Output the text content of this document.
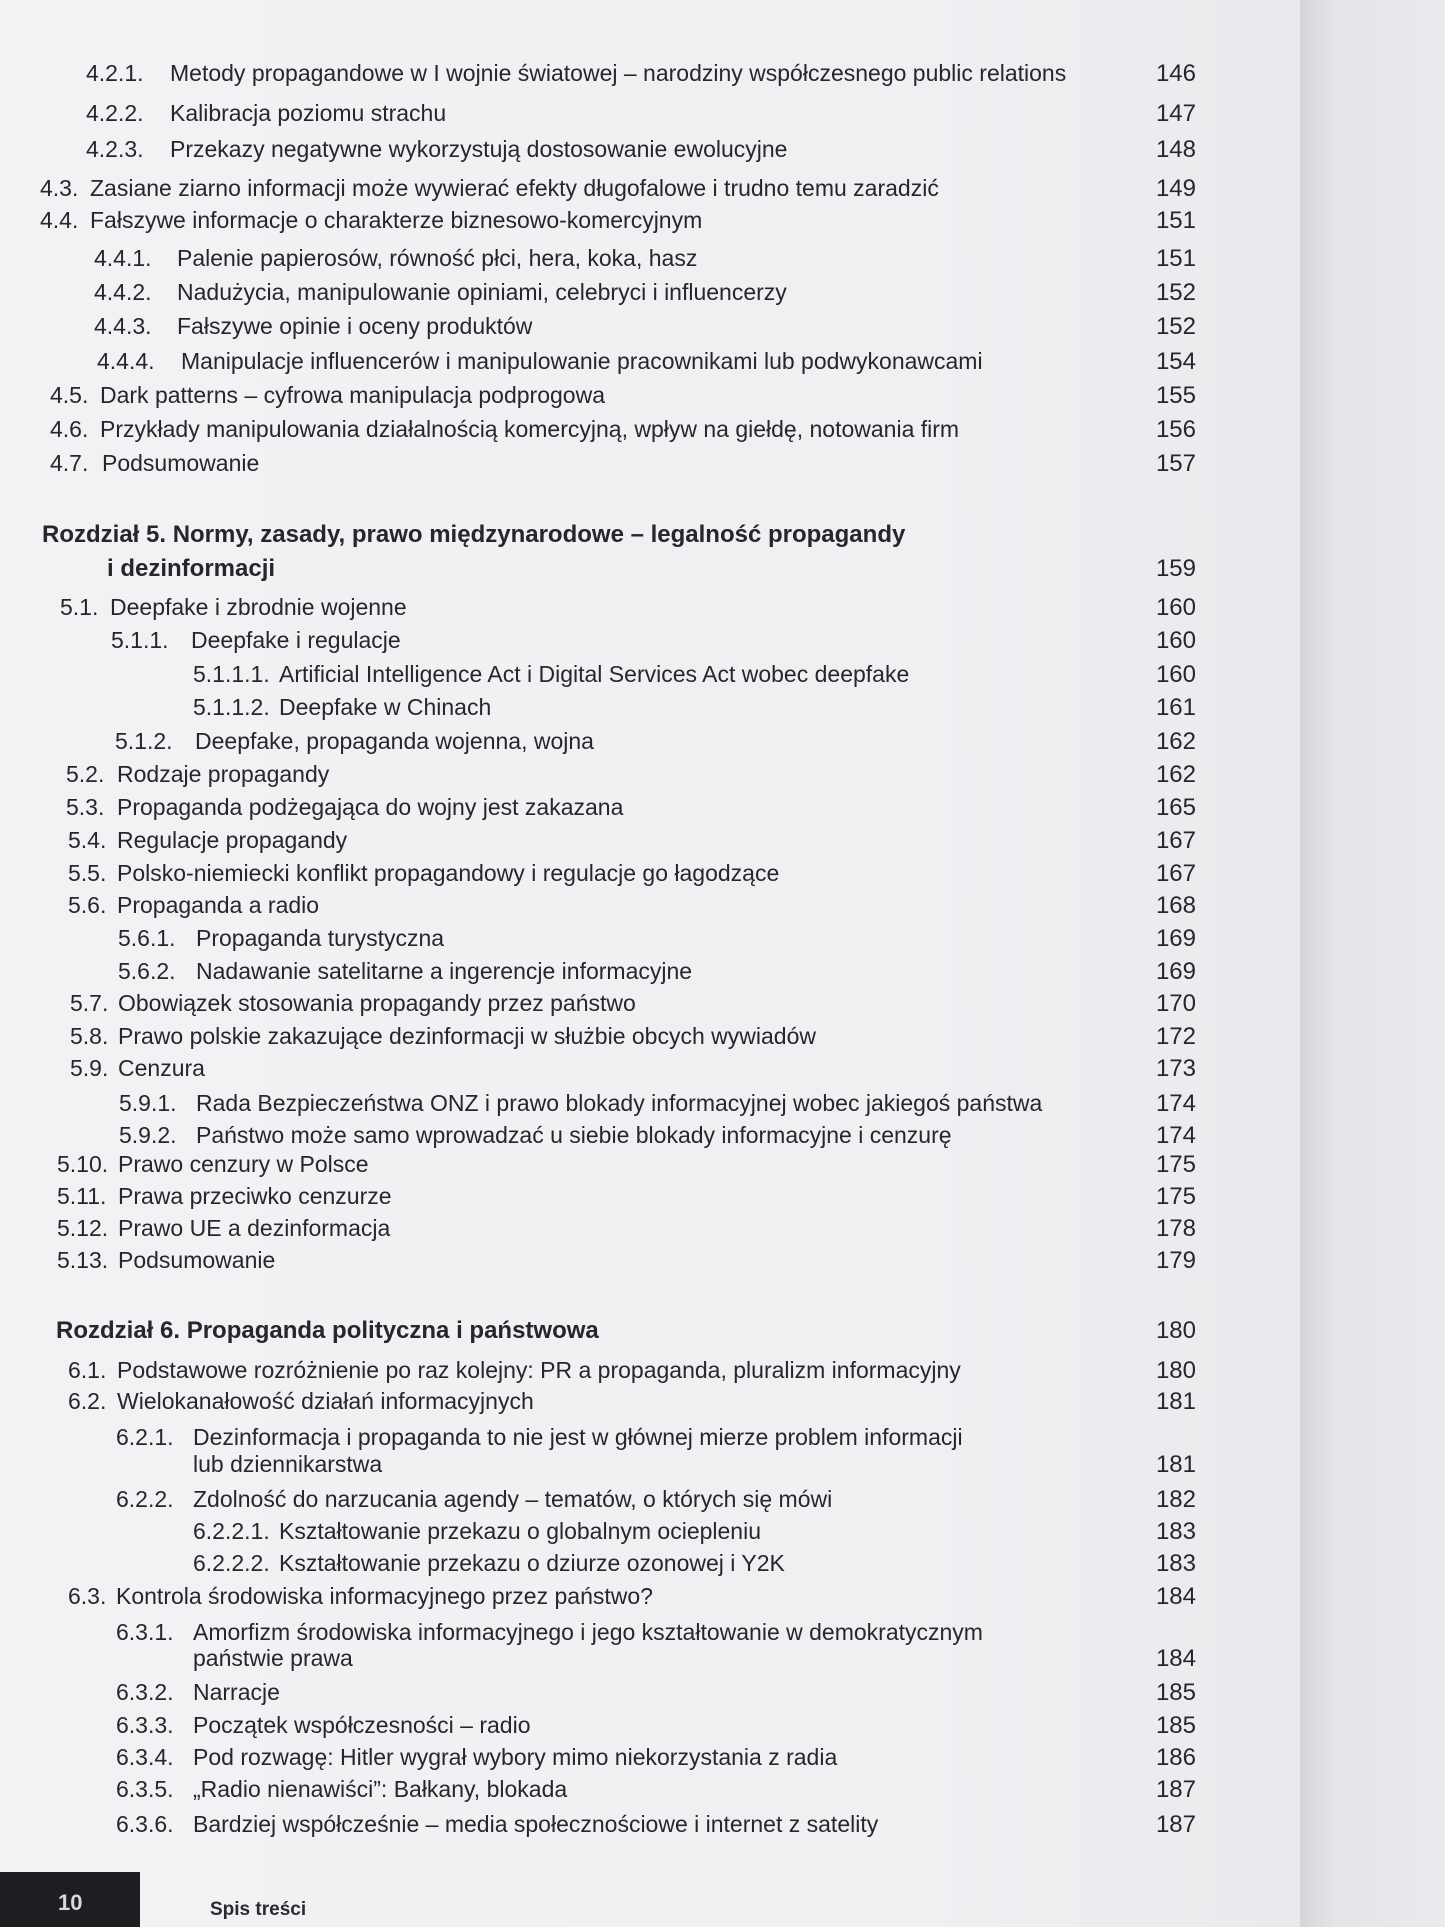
4.2.1. Metody propagandowe w I wojnie światowej – narodziny współczesnego public relations	146
4.2.2. Kalibracja poziomu strachu	147
4.2.3. Przekazy negatywne wykorzystują dostosowanie ewolucyjne	148
4.3. Zasiane ziarno informacji może wywierać efekty długofalowe i trudno temu zaradzić	149
4.4. Fałszywe informacje o charakterze biznesowo-komercyjnym	151
4.4.1. Palenie papierosów, równość płci, hera, koka, hasz	151
4.4.2. Nadużycia, manipulowanie opiniami, celebryci i influencerzy	152
4.4.3. Fałszywe opinie i oceny produktów	152
4.4.4. Manipulacje influencerów i manipulowanie pracownikami lub podwykonawcami	154
4.5. Dark patterns – cyfrowa manipulacja podprogowa	155
4.6. Przykłady manipulowania działalnością komercyjną, wpływ na giełdę, notowania firm	156
4.7. Podsumowanie	157
Rozdział 5. Normy, zasady, prawo międzynarodowe – legalność propagandy
i dezinformacji	159
5.1. Deepfake i zbrodnie wojenne	160
5.1.1. Deepfake i regulacje	160
5.1.1.1. Artificial Intelligence Act i Digital Services Act wobec deepfake	160
5.1.1.2. Deepfake w Chinach	161
5.1.2. Deepfake, propaganda wojenna, wojna	162
5.2. Rodzaje propagandy	162
5.3. Propaganda podżegająca do wojny jest zakazana	165
5.4. Regulacje propagandy	167
5.5. Polsko-niemiecki konflikt propagandowy i regulacje go łagodzące	167
5.6. Propaganda a radio	168
5.6.1. Propaganda turystyczna	169
5.6.2. Nadawanie satelitarne a ingerencje informacyjne	169
5.7. Obowiązek stosowania propagandy przez państwo	170
5.8. Prawo polskie zakazujące dezinformacji w służbie obcych wywiadów	172
5.9. Cenzura	173
5.9.1. Rada Bezpieczeństwa ONZ i prawo blokady informacyjnej wobec jakiegoś państwa	174
5.9.2. Państwo może samo wprowadzać u siebie blokady informacyjne i cenzurę	174
5.10. Prawo cenzury w Polsce	175
5.11. Prawa przeciwko cenzurze	175
5.12. Prawo UE a dezinformacja	178
5.13. Podsumowanie	179
Rozdział 6. Propaganda polityczna i państwowa	180
6.1. Podstawowe rozróżnienie po raz kolejny: PR a propaganda, pluralizm informacyjny	180
6.2. Wielokanałowość działań informacyjnych	181
6.2.1. Dezinformacja i propaganda to nie jest w głównej mierze problem informacji
lub dziennikarstwa	181
6.2.2. Zdolność do narzucania agendy – tematów, o których się mówi	182
6.2.2.1. Kształtowanie przekazu o globalnym ociepleniu	183
6.2.2.2. Kształtowanie przekazu o dziurze ozonowej i Y2K	183
6.3. Kontrola środowiska informacyjnego przez państwo?	184
6.3.1. Amorfizm środowiska informacyjnego i jego kształtowanie w demokratycznym
państwie prawa	184
6.3.2. Narracje	185
6.3.3. Początek współczesności – radio	185
6.3.4. Pod rozwagę: Hitler wygrał wybory mimo niekorzystania z radia	186
6.3.5. „Radio nienawiści”: Bałkany, blokada	187
6.3.6. Bardziej współcześnie – media społecznościowe i internet z satelity	187
10	Spis treści
